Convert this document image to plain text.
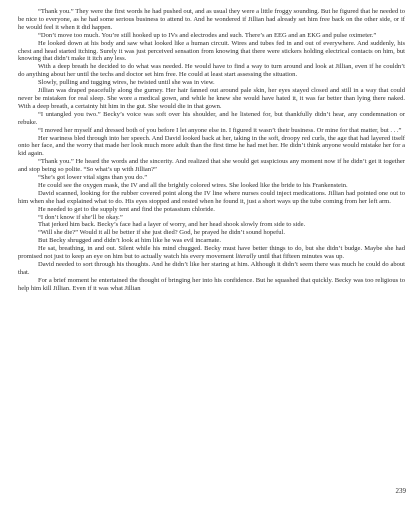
“Thank you.” They were the first words he had pushed out, and as usual they were a little froggy sounding. But he figured that he needed to be nice to everyone, as he had some serious business to attend to. And he wondered if Jillian had already set him free back on the other side, or if he would feel it when it did happen.

“Don’t move too much. You’re still hooked up to IVs and electrodes and such. There’s an EEG and an EKG and pulse oximeter.”

He looked down at his body and saw what looked like a human circuit. Wires and tubes fed in and out of everywhere. And suddenly, his chest and head started itching. Surely it was just perceived sensation from knowing that there were stickers holding electrical contacts on him, but knowing that didn’t make it itch any less.

With a deep breath he decided to do what was needed. He would have to find a way to turn around and look at Jillian, even if he couldn’t do anything about her until the techs and doctor set him free. He could at least start assessing the situation.

Slowly, pulling and tugging wires, he twisted until she was in view.

Jillian was draped peacefully along the gurney. Her hair fanned out around pale skin, her eyes stayed closed and still in a way that could never be mistaken for real sleep. She wore a medical gown, and while he knew she would have hated it, it was far better than lying there naked. With a deep breath, a certainty hit him in the gut. She would die in that gown.

“I untangled you two.” Becky’s voice was soft over his shoulder, and he listened for, but thankfully didn’t hear, any condemnation or rebuke.

“I moved her myself and dressed both of you before I let anyone else in. I figured it wasn’t their business. Or mine for that matter, but . . .”

Her wariness bled through into her speech. And David looked back at her, taking in the soft, droopy red curls, the age that had layered itself onto her face, and the worry that made her look much more adult than the first time he had met her. He didn’t think anyone would mistake her for a kid again.

“Thank you.” He heard the words and the sincerity. And realized that she would get suspicious any moment now if he didn’t get it together and stop being so polite. “So what’s up with Jillian?”

“She’s got lower vital signs than you do.”

He could see the oxygen mask, the IV and all the brightly colored wires. She looked like the bride to his Frankenstein.

David scanned, looking for the rubber covered point along the IV line where nurses could inject medications. Jillian had pointed one out to him when she had explained what to do. His eyes stopped and rested when he found it, just a short ways up the tube coming from her left arm.

He needed to get to the supply tent and find the potassium chloride.

“I don’t know if she’ll be okay.”

That jerked him back. Becky’s face had a layer of worry, and her head shook slowly from side to side.

“Will she die?” Would it all be better if she just died? God, he prayed he didn’t sound hopeful.

But Becky shrugged and didn’t look at him like he was evil incarnate.

He sat, breathing, in and out. Silent while his mind chugged. Becky must have better things to do, but she didn’t budge. Maybe she had promised not just to keep an eye on him but to actually watch his every movement literally until that fifteen minutes was up.

David needed to sort through his thoughts. And he didn’t like her staring at him. Although it didn’t seem there was much he could do about that.

For a brief moment he entertained the thought of bringing her into his confidence. But he squashed that quickly. Becky was too religious to help him kill Jillian. Even if it was what Jillian

239
